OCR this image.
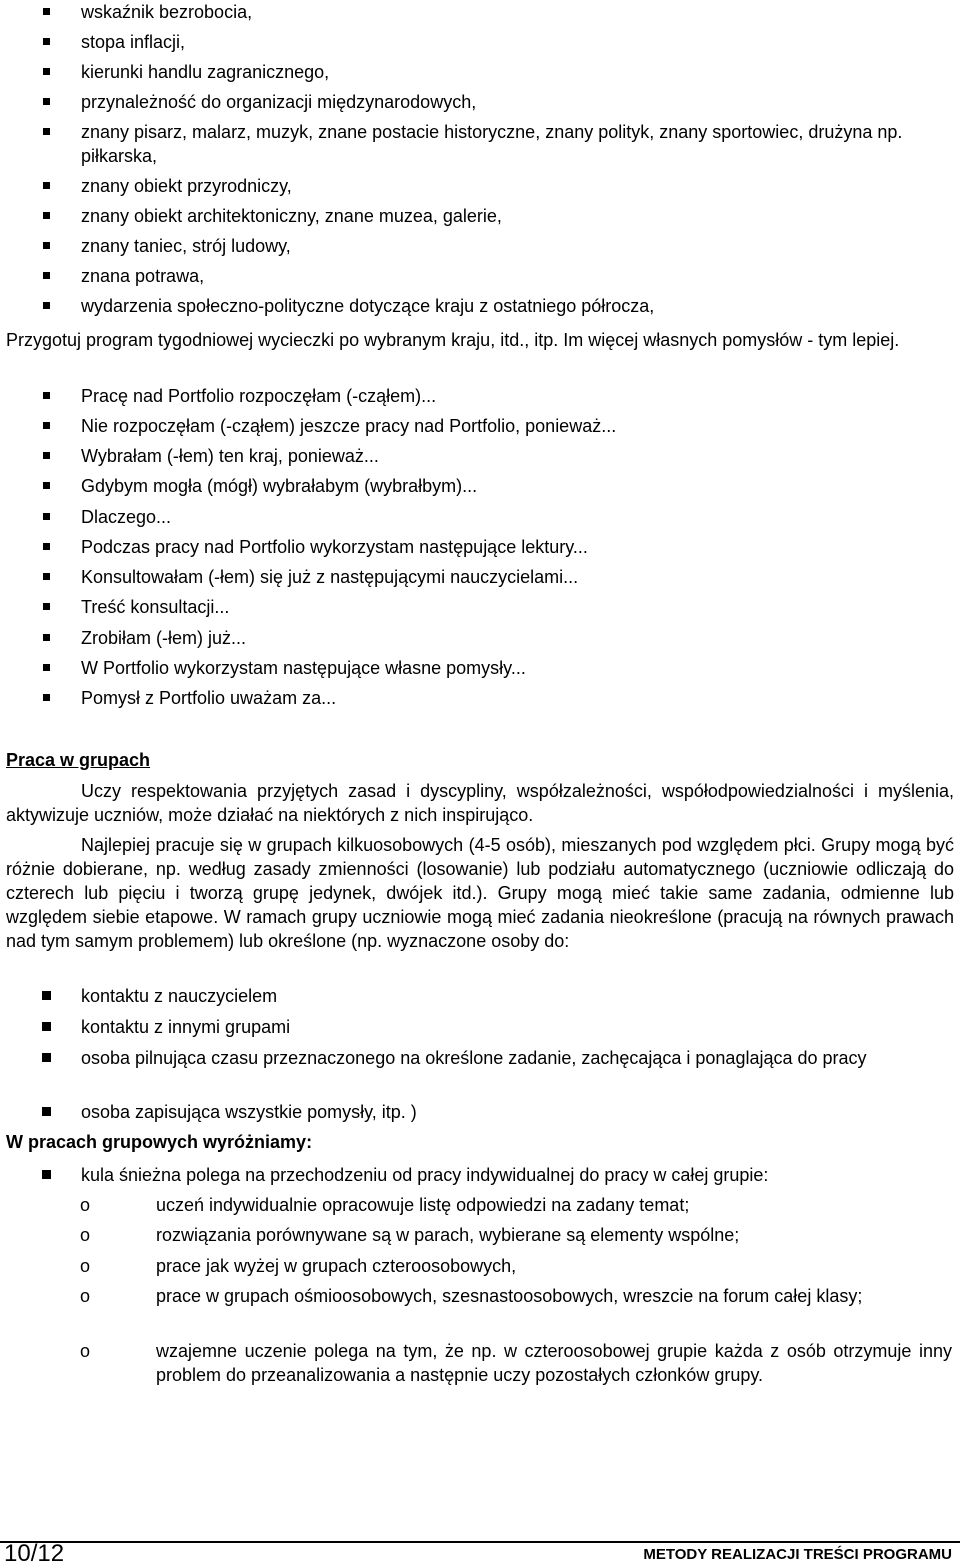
wskaźnik bezrobocia,
stopa inflacji,
kierunki handlu zagranicznego,
przynależność do organizacji międzynarodowych,
znany pisarz, malarz, muzyk, znane postacie historyczne, znany polityk, znany sportowiec, drużyna np. piłkarska,
znany obiekt przyrodniczy,
znany obiekt architektoniczny, znane muzea, galerie,
znany taniec, strój ludowy,
znana potrawa,
wydarzenia społeczno-polityczne dotyczące kraju z ostatniego półrocza,
Przygotuj program tygodniowej wycieczki po wybranym kraju, itd., itp. Im więcej własnych pomysłów - tym lepiej.
Pracę nad Portfolio rozpoczęłam (-cząłem)...
Nie rozpoczęłam (-cząłem) jeszcze pracy nad Portfolio, ponieważ...
Wybrałam (-łem) ten kraj, ponieważ...
Gdybym mogła (mógł) wybrałabym (wybrałbym)...
Dlaczego...
Podczas pracy nad Portfolio wykorzystam następujące lektury...
Konsultowałam (-łem) się już z następującymi nauczycielami...
Treść konsultacji...
Zrobiłam (-łem) już...
W Portfolio wykorzystam następujące własne pomysły...
Pomysł z Portfolio uważam za...
Praca w grupach
Uczy respektowania przyjętych zasad i dyscypliny, współzależności, współodpowiedzialności i myślenia, aktywizuje uczniów, może działać na niektórych z nich inspirująco.
Najlepiej pracuje się w grupach kilkuosobowych (4-5 osób), mieszanych pod względem płci. Grupy mogą być różnie dobierane, np. według zasady zmienności (losowanie) lub podziału automatycznego (uczniowie odliczają do czterech lub pięciu i tworzą grupę jedynek, dwójek itd.). Grupy mogą mieć takie same zadania, odmienne lub względem siebie etapowe. W ramach grupy uczniowie mogą mieć zadania nieokreślone (pracują na równych prawach nad tym samym problemem) lub określone (np. wyznaczone osoby do:
kontaktu z nauczycielem
kontaktu z innymi grupami
osoba pilnująca czasu przeznaczonego na określone zadanie, zachęcająca i ponaglająca do pracy
osoba zapisująca wszystkie pomysły, itp. )
W pracach grupowych wyróżniamy:
kula śnieżna polega na przechodzeniu od pracy indywidualnej do pracy w całej grupie:
o	uczeń indywidualnie opracowuje listę odpowiedzi na zadany temat;
o	rozwiązania porównywane są w parach, wybierane są elementy wspólne;
o	prace jak wyżej w grupach czteroosobowych,
o	prace w grupach ośmioosobowych, szesnastoosobowych, wreszcie na forum całej klasy;
o	wzajemne uczenie polega na tym, że np. w czteroosobowej grupie każda z osób otrzymuje inny problem do przeanalizowania a następnie uczy pozostałych członków grupy.
10/12	METODY REALIZACJI TREŚCI PROGRAMU
